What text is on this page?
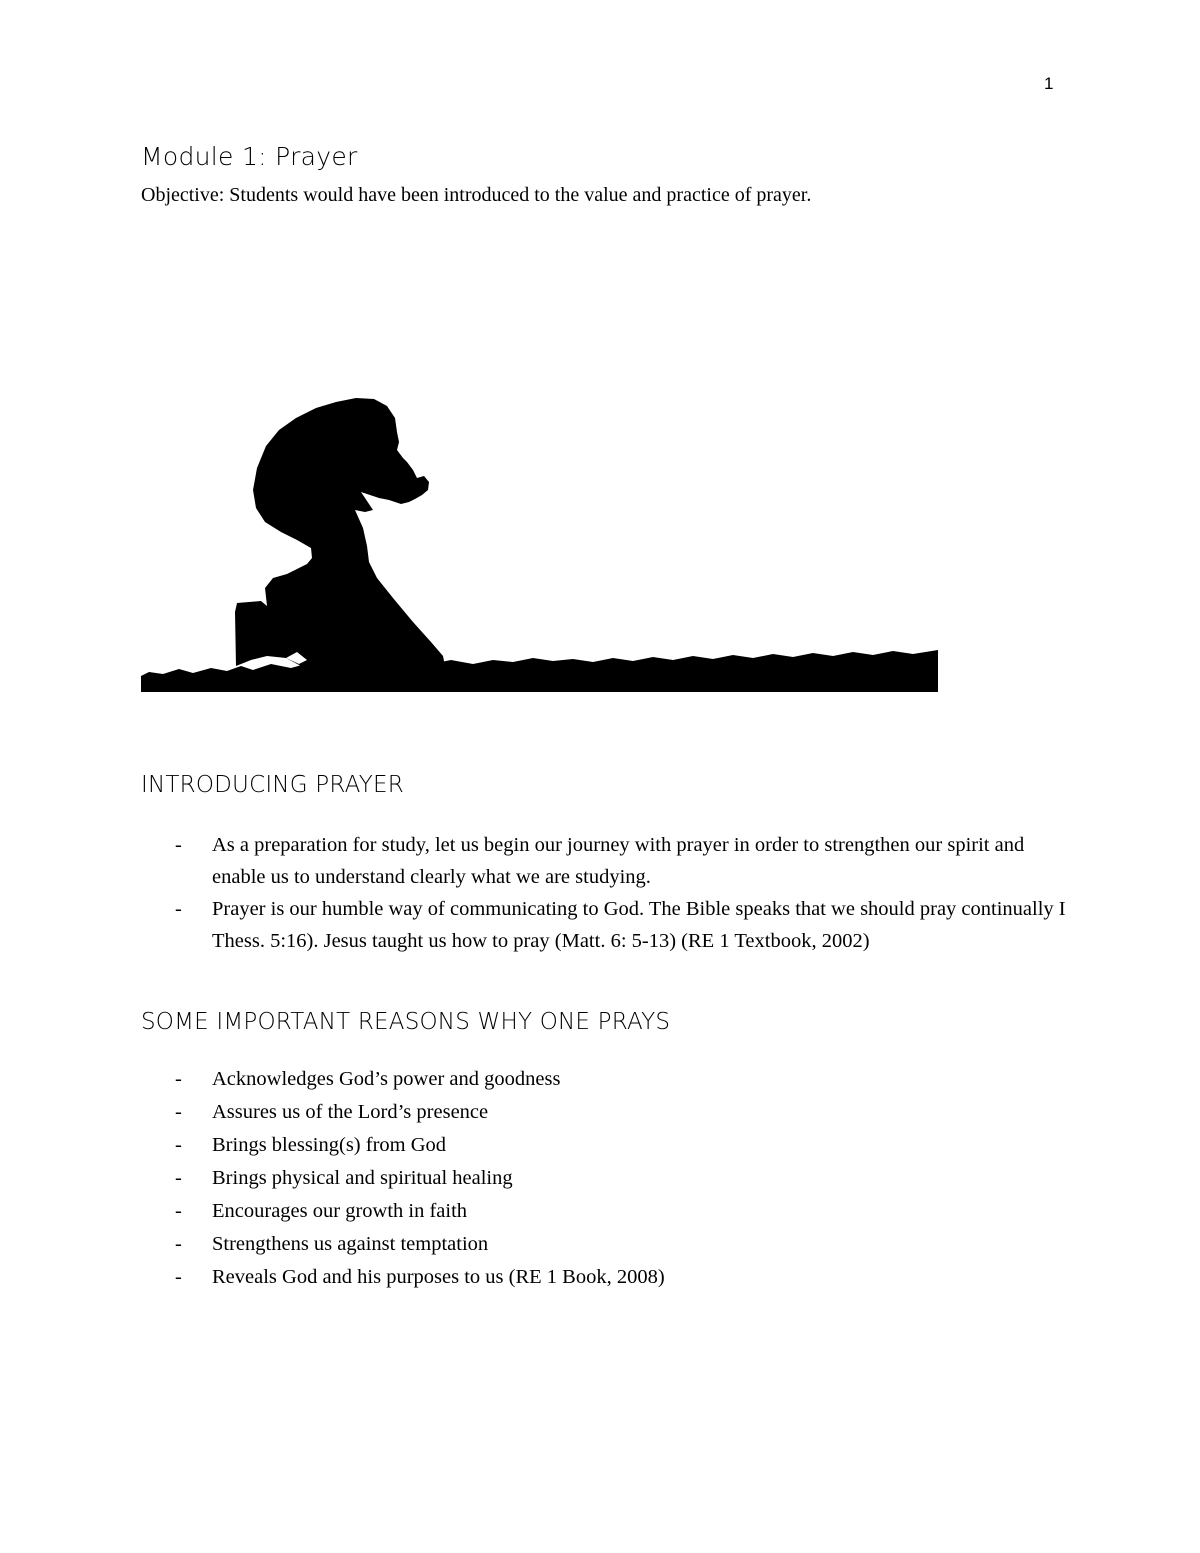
1
Module 1: Prayer

Objective: Students would have been introduced to the value and practice of prayer.

INTRODUCING PRAYER
- As a preparation for study, let us begin our journey with prayer in order to strengthen our spirit and enable us to understand clearly what we are studying.
- Prayer is our humble way of communicating to God. The Bible speaks that we should pray continually I Thess. 5:16). Jesus taught us how to pray (Matt. 6: 5-13) (RE 1 Textbook, 2002)
SOME IMPORTANT REASONS WHY ONE PRAYS
- Acknowledges God’s power and goodness
- Assures us of the Lord’s presence
- Brings blessing(s) from God
- Brings physical and spiritual healing
- Encourages our growth in faith
- Strengthens us against temptation
- Reveals God and his purposes to us (RE 1 Book, 2008)
